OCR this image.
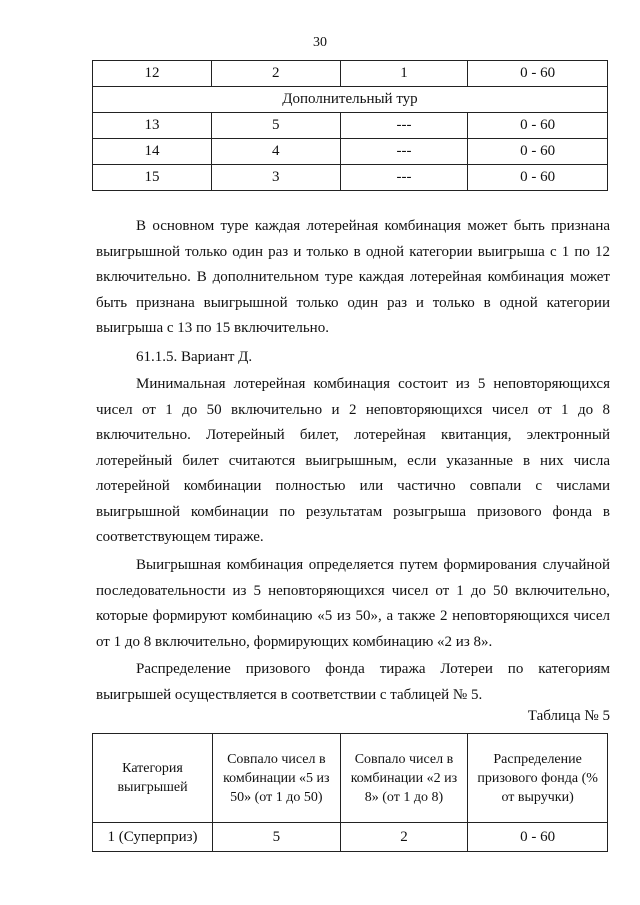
30
12	2	1	0 - 60
Дополнительный тур			
13	5	---	0 - 60
14	4	---	0 - 60
15	3	---	0 - 60

В основном туре каждая лотерейная комбинация может быть признана выигрышной только один раз и только в одной категории выигрыша с 1 по 12 включительно. В дополнительном туре каждая лотерейная комбинация может быть признана выигрышной только один раз и только в одной категории выигрыша с 13 по 15 включительно.

61.1.5. Вариант Д.

Минимальная лотерейная комбинация состоит из 5 неповторяющихся чисел от 1 до 50 включительно и 2 неповторяющихся чисел от 1 до 8 включительно. Лотерейный билет, лотерейная квитанция, электронный лотерейный билет считаются выигрышным, если указанные в них числа лотерейной комбинации полностью или частично совпали с числами выигрышной комбинации по результатам розыгрыша призового фонда в соответствующем тираже.

Выигрышная комбинация определяется путем формирования случайной последовательности из 5 неповторяющихся чисел от 1 до 50 включительно, которые формируют комбинацию «5 из 50», а также 2 неповторяющихся чисел от 1 до 8 включительно, формирующих комбинацию «2 из 8».

Распределение призового фонда тиража Лотереи по категориям выигрышей осуществляется в соответствии с таблицей № 5.

Таблица № 5
Категория выигрышей	Совпало чисел в комбинации «5 из 50» (от 1 до 50)	Совпало чисел в комбинации «2 из 8» (от 1 до 8)	Распределение призового фонда (% от выручки)
1 (Суперприз)	5	2	0 - 60
